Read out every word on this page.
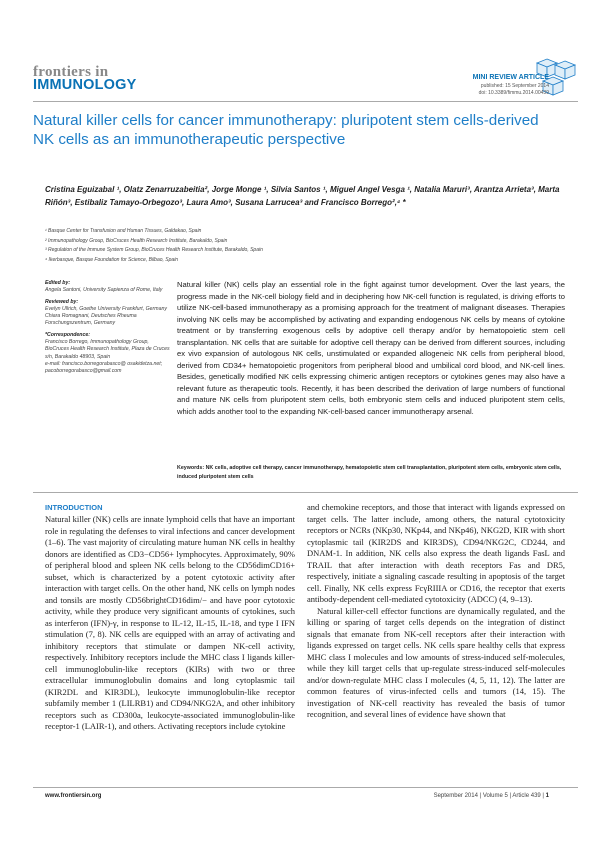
frontiers in
IMMUNOLOGY	MINI REVIEW ARTICLE
published: 15 September 2014
doi: 10.3389/fimmu.2014.00439
Natural killer cells for cancer immunotherapy: pluripotent stem cells-derived NK cells as an immunotherapeutic perspective
Cristina Eguizabal ¹, Olatz Zenarruzabeitia², Jorge Monge ¹, Silvia Santos ¹, Miguel Angel Vesga ¹, Natalia Maruri³, Arantza Arrieta³, Marta Riñón³, Estibaliz Tamayo-Orbegozo³, Laura Amo³, Susana Larrucea³ and Francisco Borrego²,⁴ *
¹ Basque Center for Transfusion and Human Tissues, Galdakao, Spain
² Immunopathology Group, BioCruces Health Research Institute, Barakaldo, Spain
³ Regulation of the Immune System Group, BioCruces Health Research Institute, Barakaldo, Spain
⁴ Ikerbasque, Basque Foundation for Science, Bilbao, Spain
Edited by:
Angela Santoni, University Sapienza of Rome, Italy
Reviewed by:
Evelyn Ullrich, Goethe University Frankfurt, Germany
Chiara Romagnani, Deutsches Rheuma Forschungszentrum, Germany
*Correspondence:
Francisco Borrego, Immunopathology Group, BioCruces Health Research Institute, Plaza de Cruces s/n, Barakaldo 48903, Spain
e-mail: francisco.borregorabasco@ osakidetza.net; pacoborregorabasco@gmail.com
Natural killer (NK) cells play an essential role in the fight against tumor development. Over the last years, the progress made in the NK-cell biology field and in deciphering how NK-cell function is regulated, is driving efforts to utilize NK-cell-based immunotherapy as a promising approach for the treatment of malignant diseases. Therapies involving NK cells may be accomplished by activating and expanding endogenous NK cells by means of cytokine treatment or by transferring exogenous cells by adoptive cell therapy and/or by hematopoietic stem cell transplantation. NK cells that are suitable for adoptive cell therapy can be derived from different sources, including ex vivo expansion of autologous NK cells, unstimulated or expanded allogeneic NK cells from peripheral blood, derived from CD34+ hematopoietic progenitors from peripheral blood and umbilical cord blood, and NK-cell lines. Besides, genetically modified NK cells expressing chimeric antigen receptors or cytokines genes may also have a relevant future as therapeutic tools. Recently, it has been described the derivation of large numbers of functional and mature NK cells from pluripotent stem cells, both embryonic stem cells and induced pluripotent stem cells, which adds another tool to the expanding NK-cell-based cancer immunotherapy arsenal.
Keywords: NK cells, adoptive cell therapy, cancer immunotherapy, hematopoietic stem cell transplantation, pluripotent stem cells, embryonic stem cells, induced pluripotent stem cells
INTRODUCTION

Natural killer (NK) cells are innate lymphoid cells that have an important role in regulating the defenses to viral infections and cancer development (1–6). The vast majority of circulating mature human NK cells in healthy donors are identified as CD3−CD56+ lymphocytes. Approximately, 90% of peripheral blood and spleen NK cells belong to the CD56dimCD16+ subset, which is characterized by a potent cytotoxic activity after interaction with target cells. On the other hand, NK cells on lymph nodes and tonsils are mostly CD56brightCD16dim/− and have poor cytotoxic activity, while they produce very significant amounts of cytokines, such as interferon (IFN)-γ, in response to IL-12, IL-15, IL-18, and type I IFN stimulation (7, 8). NK cells are equipped with an array of activating and inhibitory receptors that stimulate or dampen NK-cell activity, respectively. Inhibitory receptors include the MHC class I ligands killer-cell immunoglobulin-like receptors (KIRs) with two or three extracellular immunoglobulin domains and long cytoplasmic tail (KIR2DL and KIR3DL), leukocyte immunoglobulin-like receptor subfamily member 1 (LILRB1) and CD94/NKG2A, and other inhibitory receptors such as CD300a, leukocyte-associated immunoglobulin-like receptor-1 (LAIR-1), and others. Activating receptors include cytokine

and chemokine receptors, and those that interact with ligands expressed on target cells. The latter include, among others, the natural cytotoxicity receptors or NCRs (NKp30, NKp44, and NKp46), NKG2D, KIR with short cytoplasmic tail (KIR2DS and KIR3DS), CD94/NKG2C, CD244, and DNAM-1. In addition, NK cells also express the death ligands FasL and TRAIL that after interaction with death receptors Fas and DR5, respectively, initiate a signaling cascade resulting in apoptosis of the target cell. Finally, NK cells express FcγRIIIA or CD16, the receptor that exerts antibody-dependent cell-mediated cytotoxicity (ADCC) (4, 9–13).

Natural killer-cell effector functions are dynamically regulated, and the killing or sparing of target cells depends on the integration of distinct signals that emanate from NK-cell receptors after their interaction with ligands expressed on target cells. NK cells spare healthy cells that express MHC class I molecules and low amounts of stress-induced self-molecules, while they kill target cells that up-regulate stress-induced self-molecules and/or down-regulate MHC class I molecules (4, 5, 11, 12). The latter are common features of virus-infected cells and tumors (14, 15). The investigation of NK-cell reactivity has revealed the basis of tumor recognition, and several lines of evidence have shown that

www.frontiersin.org	September 2014 | Volume 5 | Article 439 | 1
